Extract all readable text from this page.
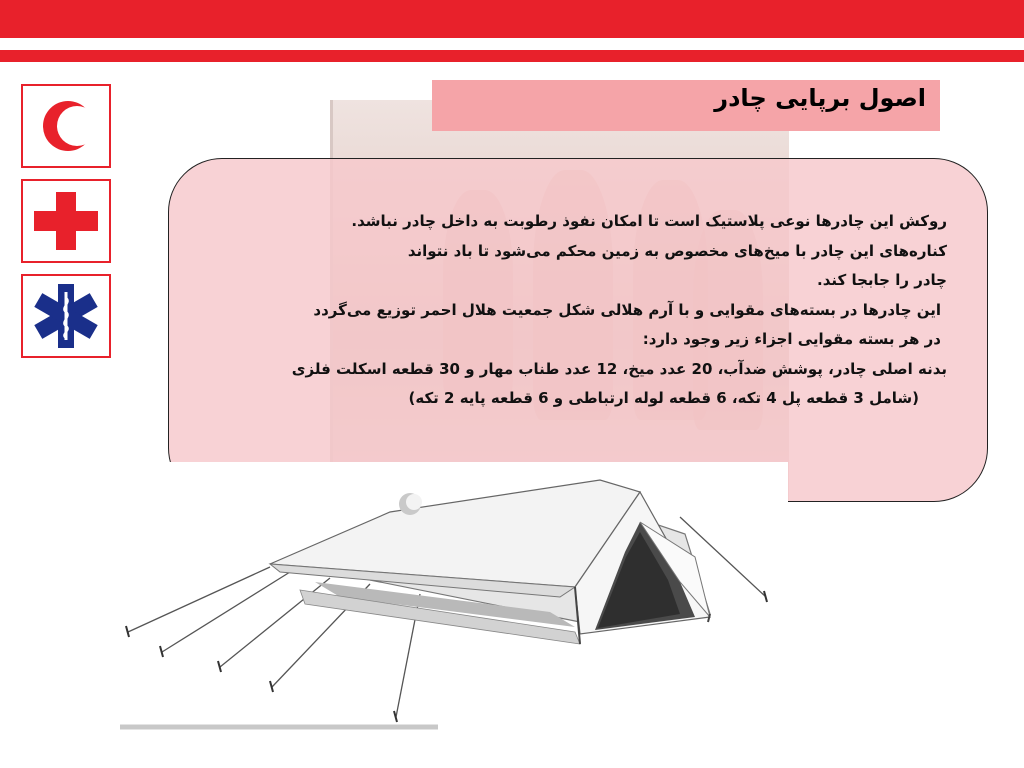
اصول برپایی چادر
روکش این چادرها نوعی پلاستیک است تا امکان نفوذ رطوبت به داخل چادر نباشد.
کناره‌های این چادر با میخ‌های مخصوص به زمین محکم می‌شود تا باد نتواند
چادر را جابجا کند.
این چادرها در بسته‌های مقوایی و با آرم هلالی شکل جمعیت هلال احمر توزیع می‌گردد
در هر بسته مقوایی اجزاء زیر وجود دارد:
بدنه اصلی چادر، پوشش ضدآب، 20 عدد میخ، 12 عدد طناب مهار و 30 قطعه اسکلت فلزی
(شامل 3 قطعه پل 4 تکه، 6 قطعه لوله ارتباطی و 6 قطعه پایه 2 تکه)
